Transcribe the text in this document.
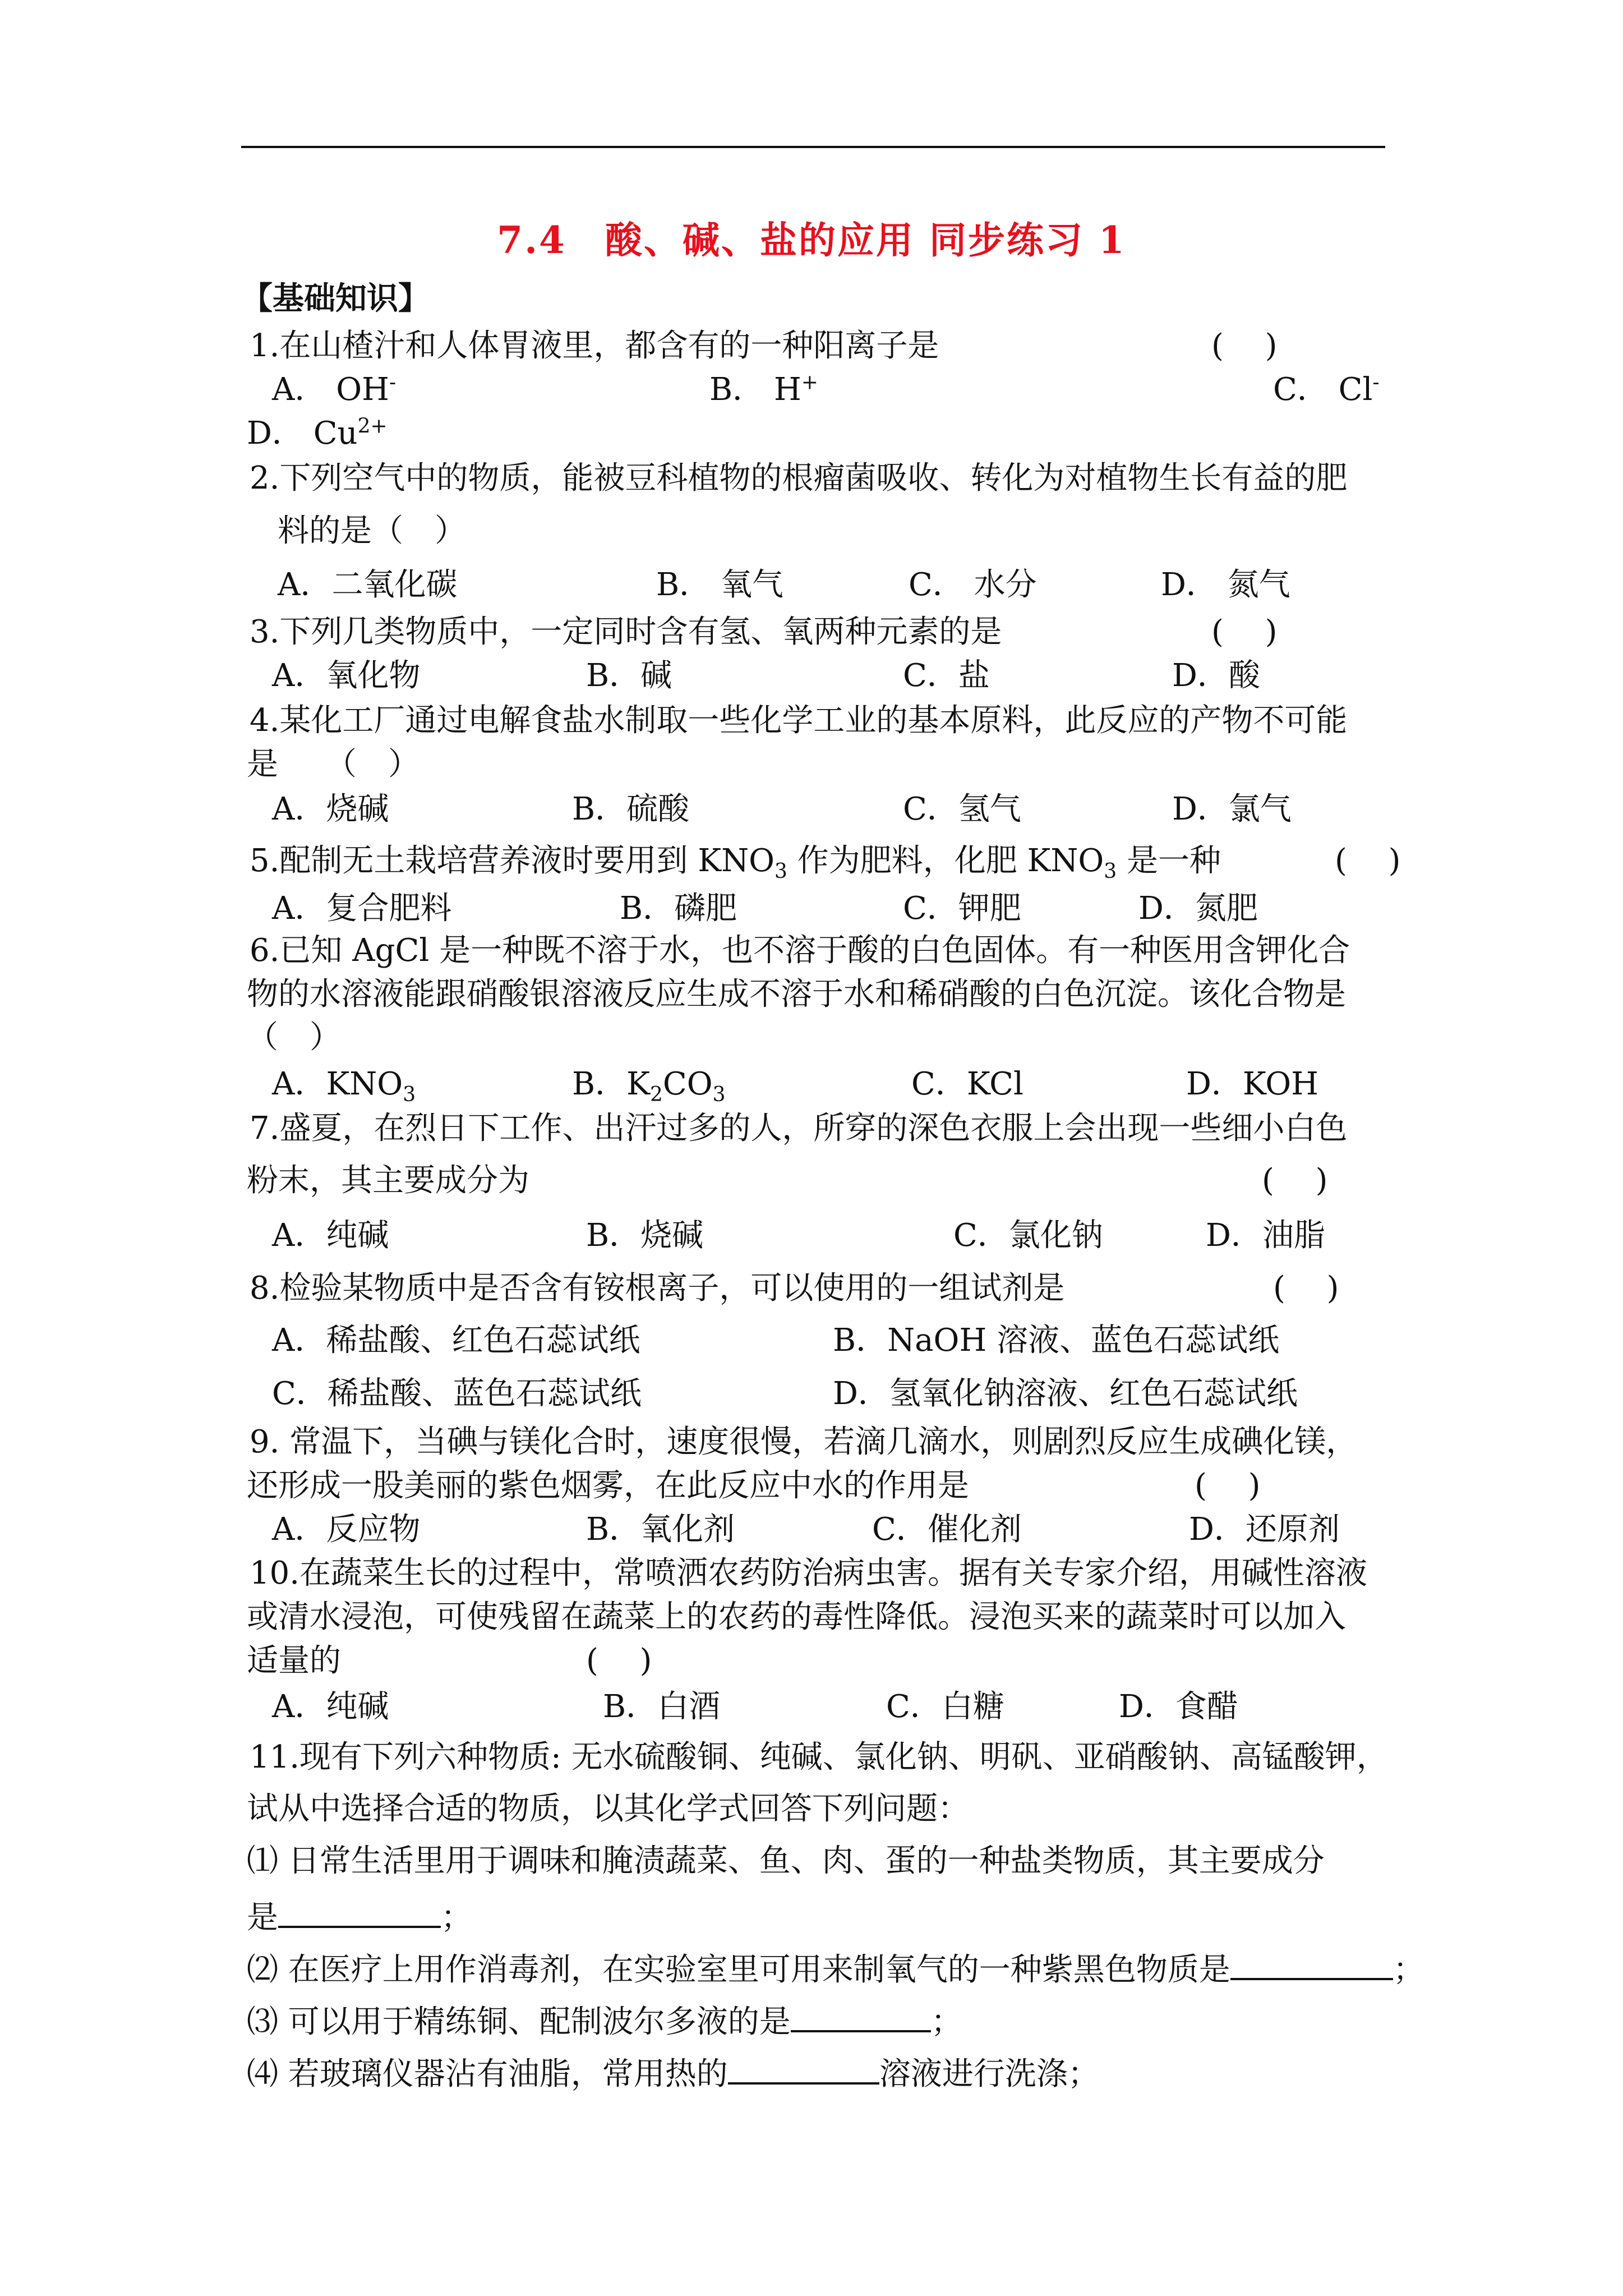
7.4　酸、碱、盐的应用 同步练习 1
【基础知识】
1.在山楂汁和人体胃液里，都含有的一种阳离子是	(　 )
A． OH-	B． H+	C． Cl-
D． $Cu^{2+}$
2.下列空气中的物质，能被豆科植物的根瘤菌吸收、转化为对植物生长有益的肥
料的是（　）
A．二氧化碳	B． 氧气	C． 水分	D． 氮气
3.下列几类物质中，一定同时含有氢、氧两种元素的是	(　 )
A．氧化物	B．碱	C．盐	D．酸
4.某化工厂通过电解食盐水制取一些化学工业的基本原料，此反应的产物不可能
是　　（　）
A．烧碱	B．硫酸	C．氢气	D．氯气
5.配制无土栽培营养液时要用到 $KNO_3$ 作为肥料，化肥 $KNO_3$ 是一种	(　 )
A．复合肥料	B．磷肥	C．钾肥	D．氮肥
6.已知 AgCl 是一种既不溶于水，也不溶于酸的白色固体。有一种医用含钾化合
物的水溶液能跟硝酸银溶液反应生成不溶于水和稀硝酸的白色沉淀。该化合物是
（　）
A．$KNO_3$	B．$K_2CO_3$	C．KCl	D．KOH
7.盛夏，在烈日下工作、出汗过多的人，所穿的深色衣服上会出现一些细小白色
粉末，其主要成分为	(　 )
A．纯碱	B．烧碱	C．氯化钠	D．油脂
8.检验某物质中是否含有铵根离子，可以使用的一组试剂是	(　 )
A．稀盐酸、红色石蕊试纸	B．NaOH 溶液、蓝色石蕊试纸
C．稀盐酸、蓝色石蕊试纸	D．氢氧化钠溶液、红色石蕊试纸
9. 常温下，当碘与镁化合时，速度很慢，若滴几滴水，则剧烈反应生成碘化镁，
还形成一股美丽的紫色烟雾，在此反应中水的作用是	(　 )
A．反应物	B．氧化剂	C．催化剂	D．还原剂
10.在蔬菜生长的过程中，常喷洒农药防治病虫害。据有关专家介绍，用碱性溶液
或清水浸泡，可使残留在蔬菜上的农药的毒性降低。浸泡买来的蔬菜时可以加入
适量的	(　 )
A．纯碱	B．白酒	C．白糖	D．食醋
11.现有下列六种物质: 无水硫酸铜、纯碱、氯化钠、明矾、亚硝酸钠、高锰酸钾，
试从中选择合适的物质，以其化学式回答下列问题：
⑴ 日常生活里用于调味和腌渍蔬菜、鱼、肉、蛋的一种盐类物质，其主要成分
是	；
⑵ 在医疗上用作消毒剂，在实验室里可用来制氧气的一种紫黑色物质是	；
⑶ 可以用于精练铜、配制波尔多液的是	；
⑷ 若玻璃仪器沾有油脂，常用热的	溶液进行洗涤；
